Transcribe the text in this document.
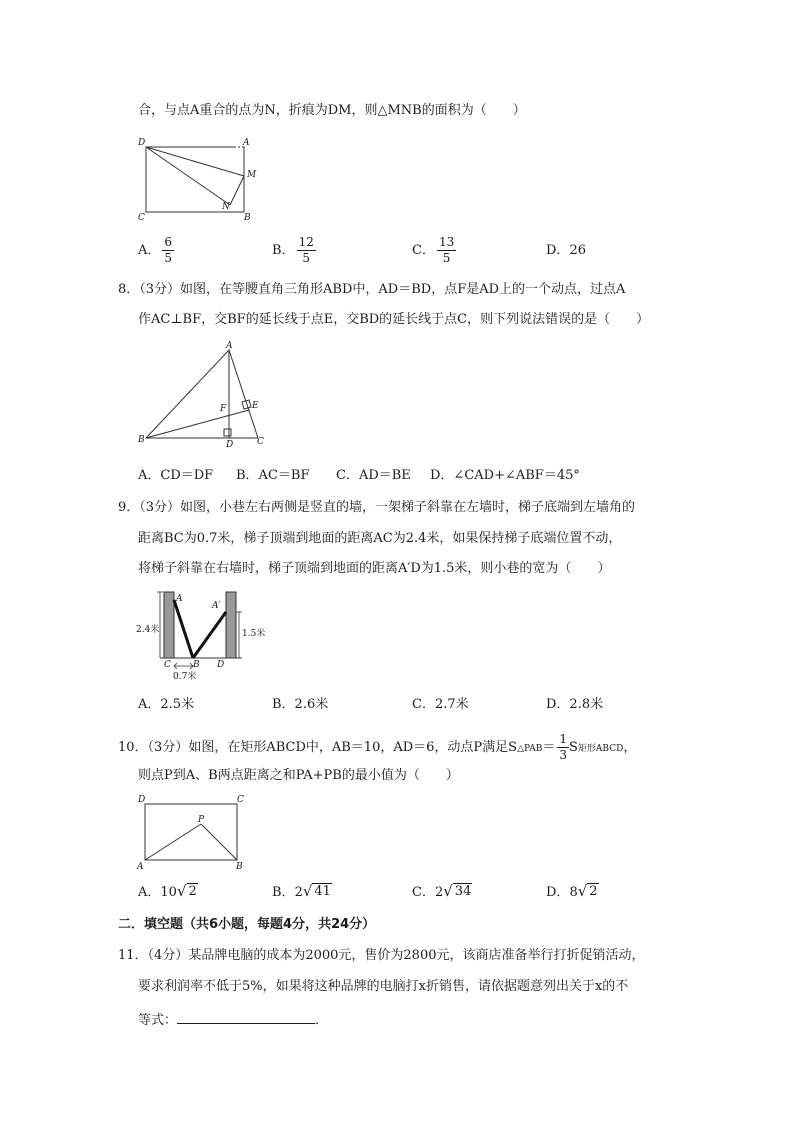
合，与点A重合的点为N，折痕为DM，则△MNB的面积为（　　）
D	A
M
N
C	B
A． $\frac{6}{5}$	B． $\frac{12}{5}$	C． $\frac{13}{5}$	D．26
8．（3分）如图，在等腰直角三角形ABD中，AD＝BD，点F是AD上的一个动点，过点A
作AC⊥BF，交BF的延长线于点E，交BD的延长线于点C，则下列说法错误的是（　　）
A
E
F
B	D	C
A．CD＝DF B．AC＝BF C．AD＝BE D．∠CAD+∠ABF＝45°
9．（3分）如图，小巷左右两侧是竖直的墙，一架梯子斜靠在左墙时，梯子底端到左墙角的
距离BC为0.7米，梯子顶端到地面的距离AC为2.4米，如果保持梯子底端位置不动，
将梯子斜靠在右墙时，梯子顶端到地面的距离A′D为1.5米，则小巷的宽为（　　）
A
A′
C B D
2.4米	1.5米
0.7米
A．2.5米	B．2.6米	C．2.7米	D．2.8米
10．（3分）如图，在矩形ABCD中，AB＝10，AD＝6，动点P满足S△PAB＝ $\frac{1}{3}$ S矩形ABCD，
则点P到A、B两点距离之和PA+PB的最小值为（　　）
D	C
P
A	B
A．10 √ 2	B．2 √ 41	C．2 √ 34	D．8 √ 2
二．填空题（共6小题，每题4分，共24分）
11．（4分）某品牌电脑的成本为2000元，售价为2800元，该商店准备举行打折促销活动，
要求利润率不低于5%，如果将这种品牌的电脑打x折销售，请依据题意列出关于x的不
等式：	．
